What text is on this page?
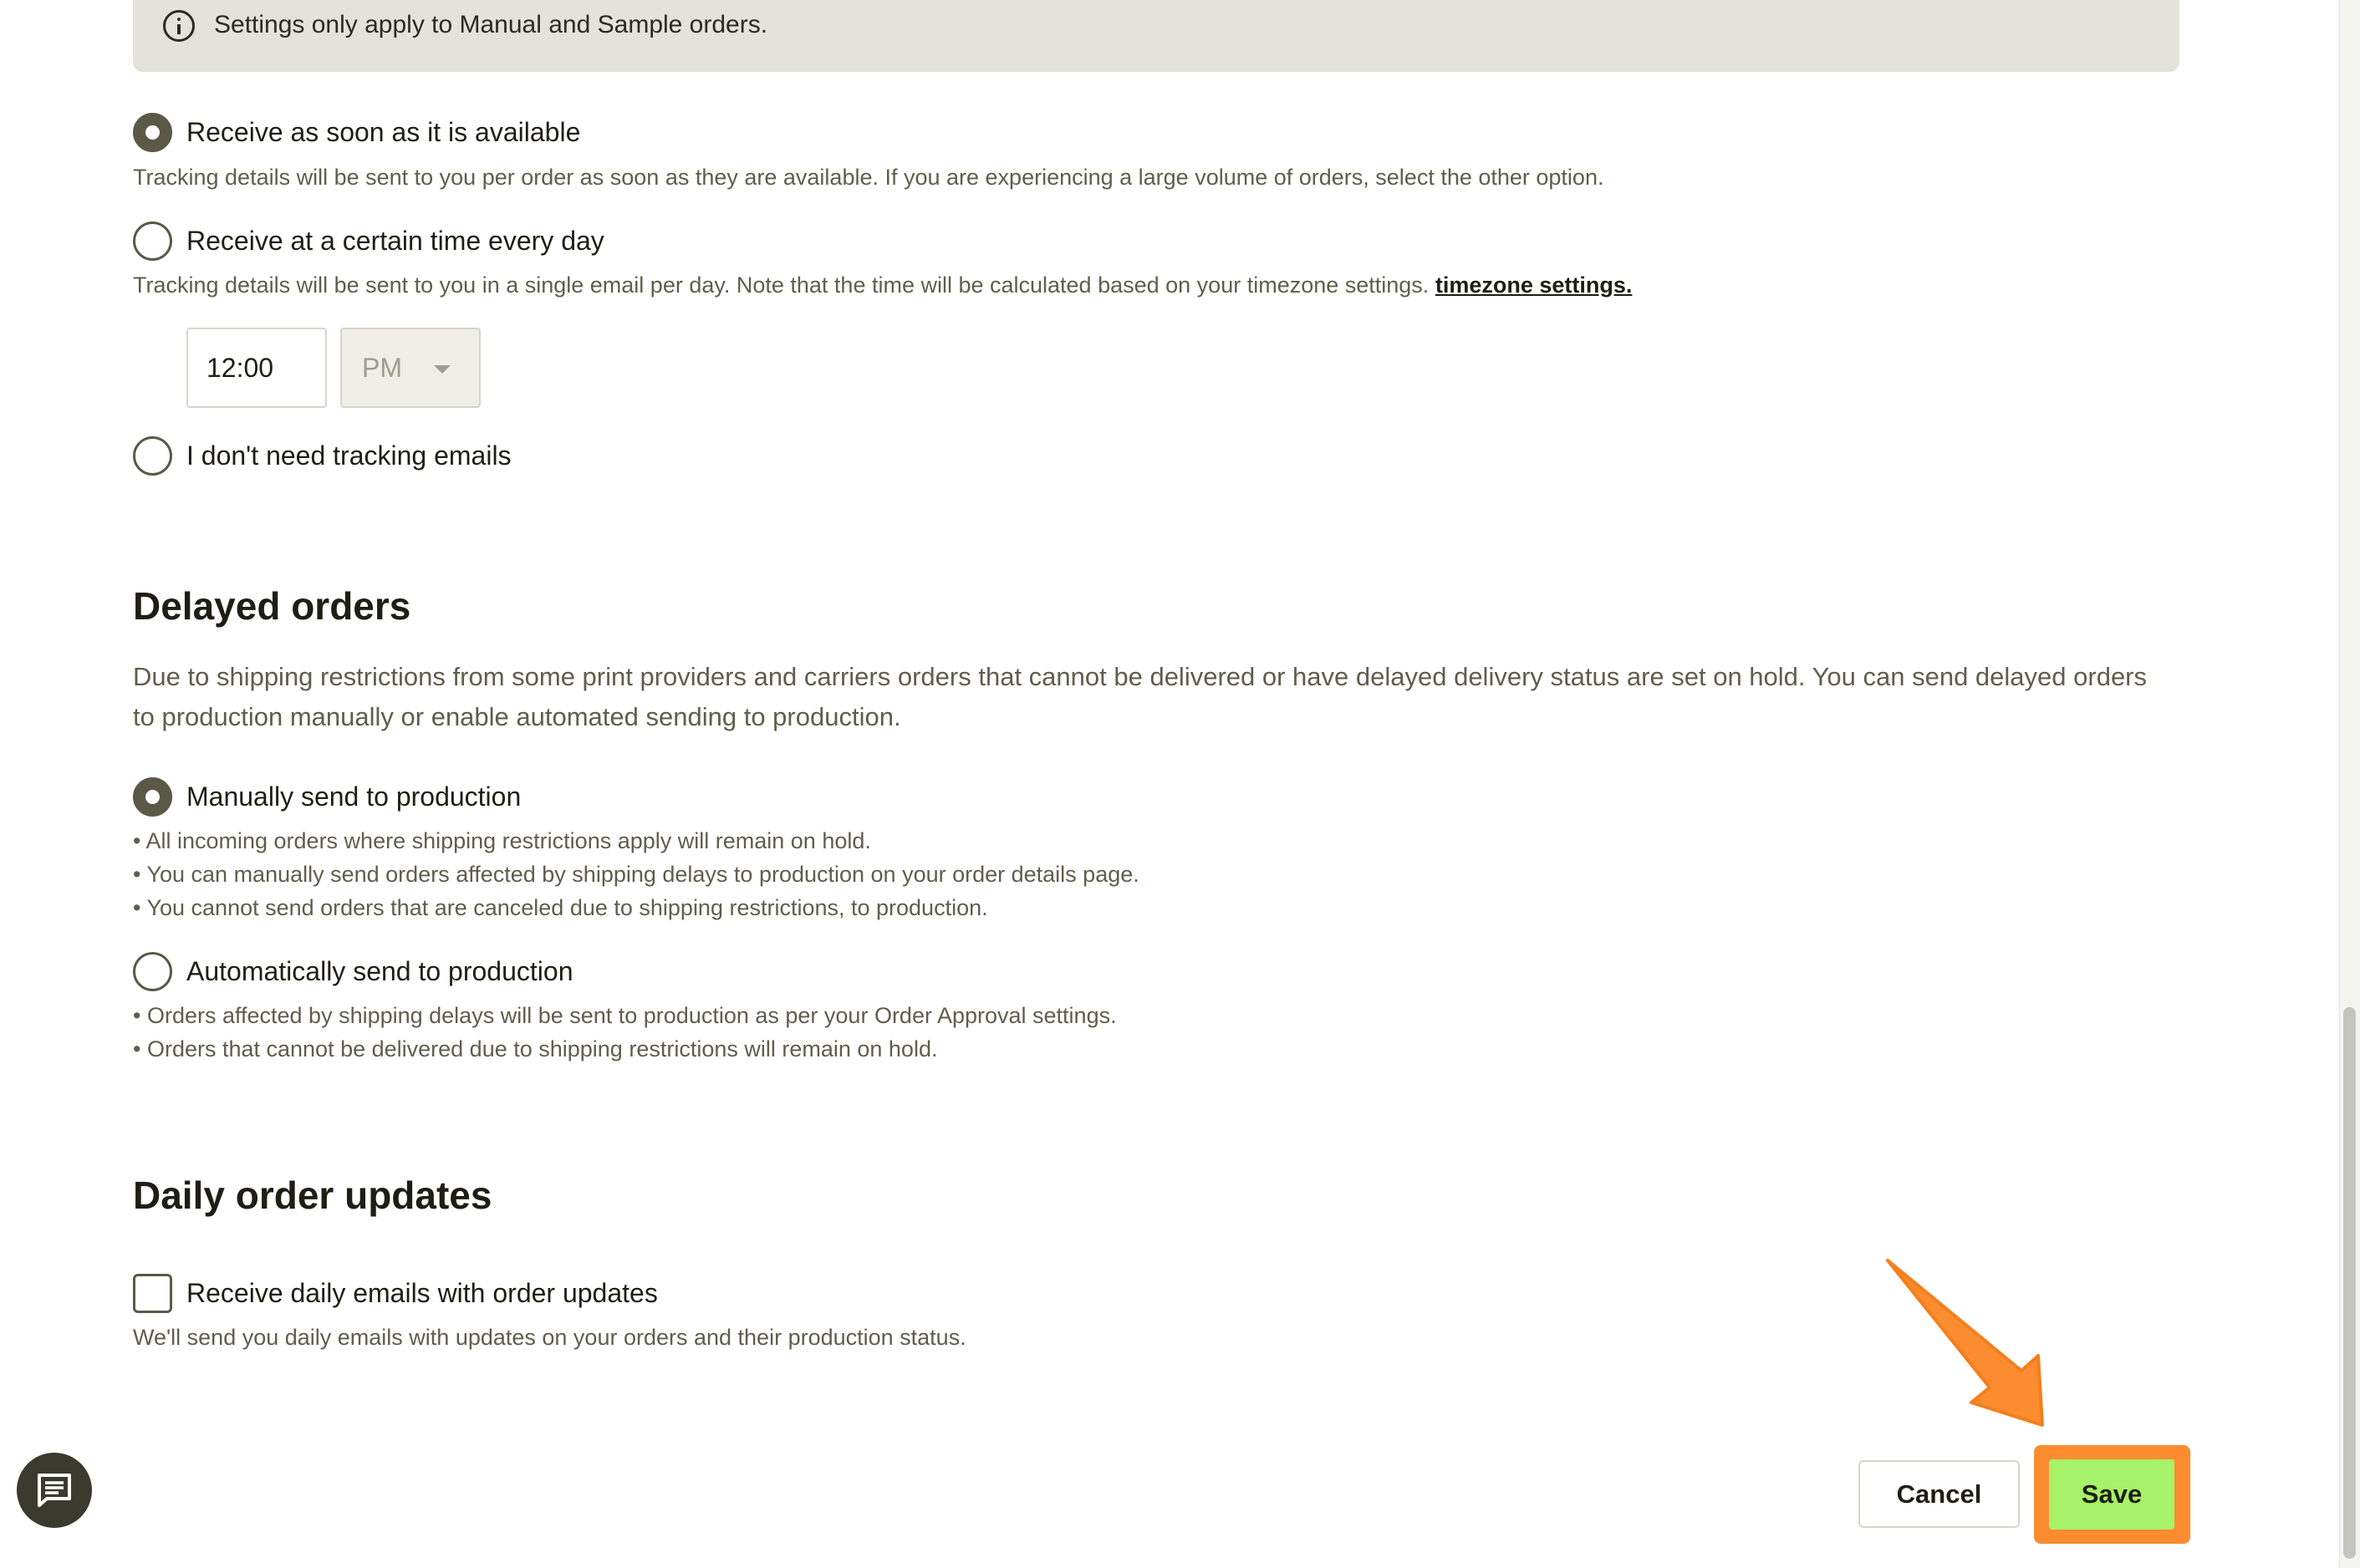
Settings only apply to Manual and Sample orders.
Receive as soon as it is available
Tracking details will be sent to you per order as soon as they are available. If you are experiencing a large volume of orders, select the other option.
Receive at a certain time every day
Tracking details will be sent to you in a single email per day. Note that the time will be calculated based on your timezone settings. timezone settings.
12:00
PM
I don't need tracking emails
Delayed orders
Due to shipping restrictions from some print providers and carriers orders that cannot be delivered or have delayed delivery status are set on hold. You can send delayed orders to production manually or enable automated sending to production.
Manually send to production
• All incoming orders where shipping restrictions apply will remain on hold.
• You can manually send orders affected by shipping delays to production on your order details page.
• You cannot send orders that are canceled due to shipping restrictions, to production.
Automatically send to production
• Orders affected by shipping delays will be sent to production as per your Order Approval settings.
• Orders that cannot be delivered due to shipping restrictions will remain on hold.
Daily order updates
Receive daily emails with order updates
We'll send you daily emails with updates on your orders and their production status.
Cancel	Save
